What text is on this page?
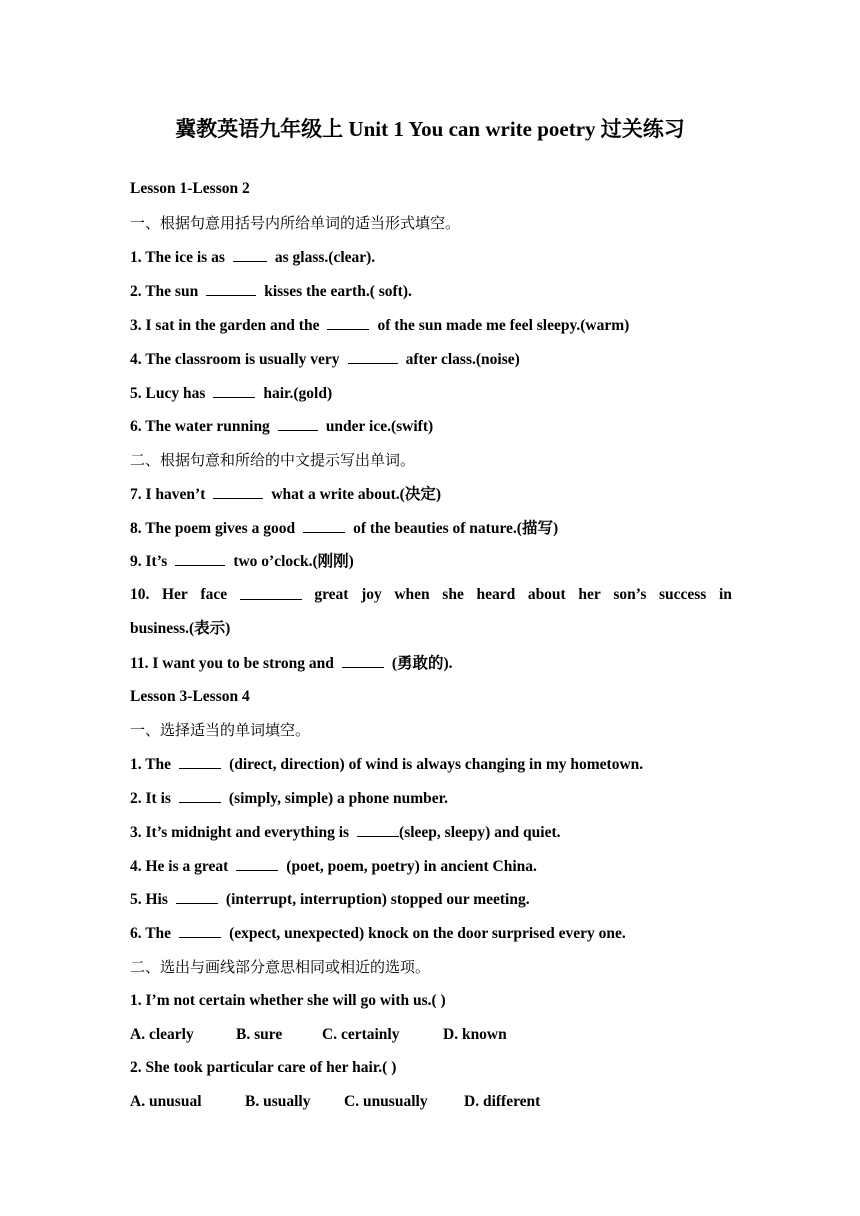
冀教英语九年级上 Unit 1 You can write poetry 过关练习
Lesson 1-Lesson 2
一、根据句意用括号内所给单词的适当形式填空。
1. The ice is as	as glass.(clear).
2. The sun	kisses the earth.( soft).
3. I sat in the garden and the	of the sun made me feel sleepy.(warm)
4. The classroom is usually very	after class.(noise)
5. Lucy has	hair.(gold)
6. The water running	under ice.(swift)
二、根据句意和所给的中文提示写出单词。
7. I haven’t	what a write about.(决定)
8. The poem gives a good	of the beauties of nature.(描写)
9. It’s	two o’clock.(刚刚)
10. Her face	great joy when she heard about her son’s success in
business.(表示)
11. I want you to be strong and	(勇敢的).
Lesson 3-Lesson 4
一、选择适当的单词填空。
1. The	(direct, direction) of wind is always changing in my hometown.
2. It is	(simply, simple) a phone number.
3. It’s midnight and everything is	(sleep, sleepy) and quiet.
4. He is a great	(poet, poem, poetry) in ancient China.
5. His	(interrupt, interruption) stopped our meeting.
6. The	(expect, unexpected) knock on the door surprised every one.
二、选出与画线部分意思相同或相近的选项。
1. I’m not certain whether she will go with us.( )
A. clearly	B. sure	C. certainly	D. known
2. She took particular care of her hair.( )
A. unusual	B. usually C. unusually D. different
